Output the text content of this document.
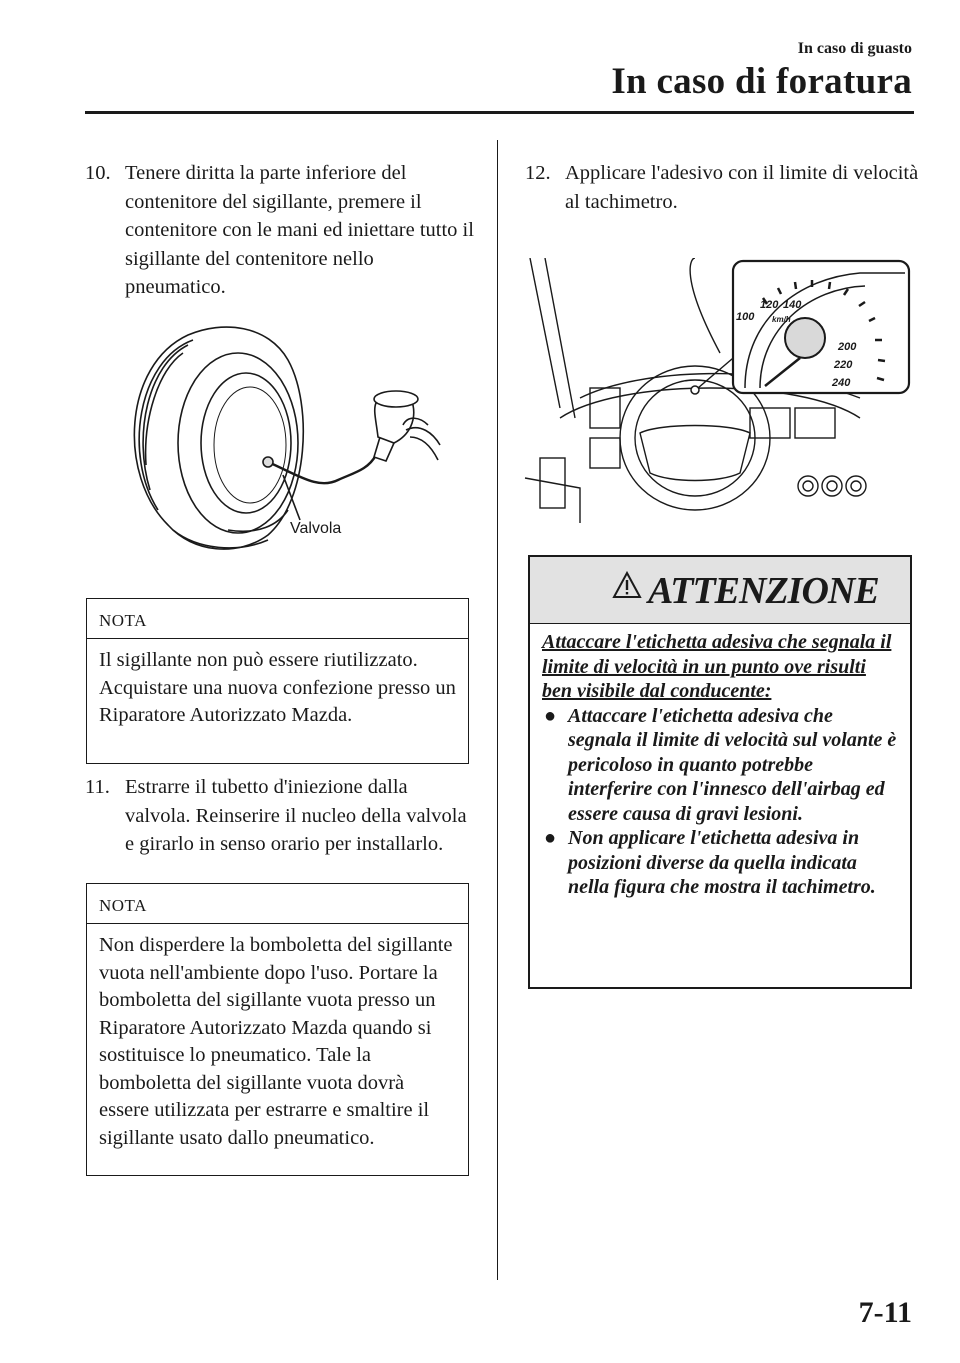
In caso di guasto
In caso di foratura
10. Tenere diritta la parte inferiore del contenitore del sigillante, premere il contenitore con le mani ed iniettare tutto il sigillante del contenitore nello pneumatico.
Valvola
NOTA
Il sigillante non può essere riutilizzato. Acquistare una nuova confezione presso un Riparatore Autorizzato Mazda.
11. Estrarre il tubetto d'iniezione dalla valvola. Reinserire il nucleo della valvola e girarlo in senso orario per installarlo.
NOTA
Non disperdere la bomboletta del sigillante vuota nell'ambiente dopo l'uso. Portare la bomboletta del sigillante vuota presso un Riparatore Autorizzato Mazda quando si sostituisce lo pneumatico. Tale la bomboletta del sigillante vuota dovrà essere utilizzata per estrarre e smaltire il sigillante usato dallo pneumatico.
12. Applicare l'adesivo con il limite di velocità al tachimetro.
100
120 140
200
220
240
km/h
ATTENZIONE
Attaccare l'etichetta adesiva che segnala il limite di velocità in un punto ove risulti ben visibile dal conducente:
● Attaccare l'etichetta adesiva che segnala il limite di velocità sul volante è pericoloso in quanto potrebbe interferire con l'innesco dell'airbag ed essere causa di gravi lesioni.
● Non applicare l'etichetta adesiva in posizioni diverse da quella indicata nella figura che mostra il tachimetro.
7-11
